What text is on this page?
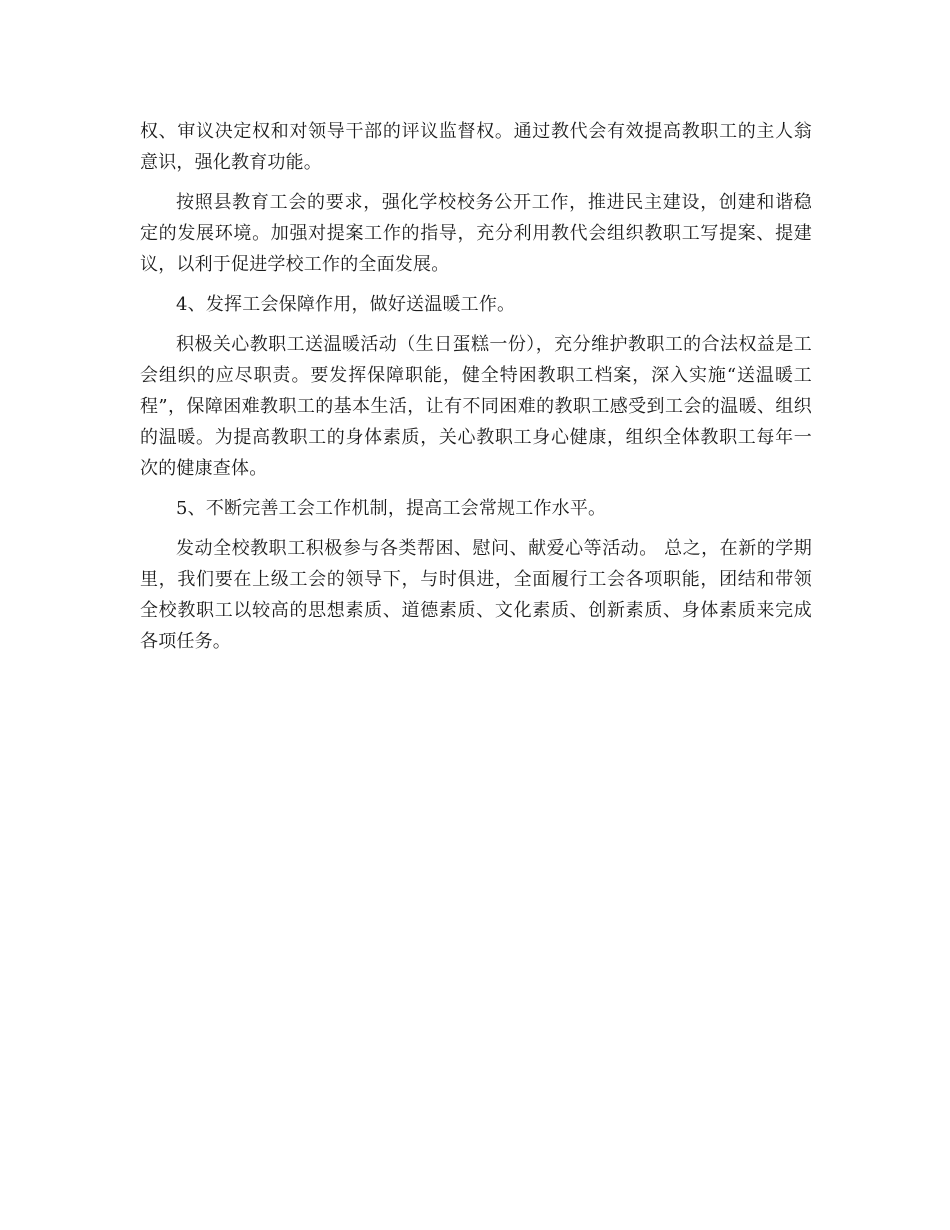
权、审议决定权和对领导干部的评议监督权。通过教代会有效提高教职工的主人翁意识，强化教育功能。

按照县教育工会的要求，强化学校校务公开工作，推进民主建设，创建和谐稳定的发展环境。加强对提案工作的指导，充分利用教代会组织教职工写提案、提建议，以利于促进学校工作的全面发展。

4、发挥工会保障作用，做好送温暖工作。

积极关心教职工送温暖活动（生日蛋糕一份），充分维护教职工的合法权益是工会组织的应尽职责。要发挥保障职能，健全特困教职工档案，深入实施“送温暖工程”，保障困难教职工的基本生活，让有不同困难的教职工感受到工会的温暖、组织的温暖。为提高教职工的身体素质，关心教职工身心健康，组织全体教职工每年一次的健康查体。

5、不断完善工会工作机制，提高工会常规工作水平。

发动全校教职工积极参与各类帮困、慰问、献爱心等活动。 总之，在新的学期里，我们要在上级工会的领导下，与时俱进，全面履行工会各项职能，团结和带领全校教职工以较高的思想素质、道德素质、文化素质、创新素质、身体素质来完成各项任务。
